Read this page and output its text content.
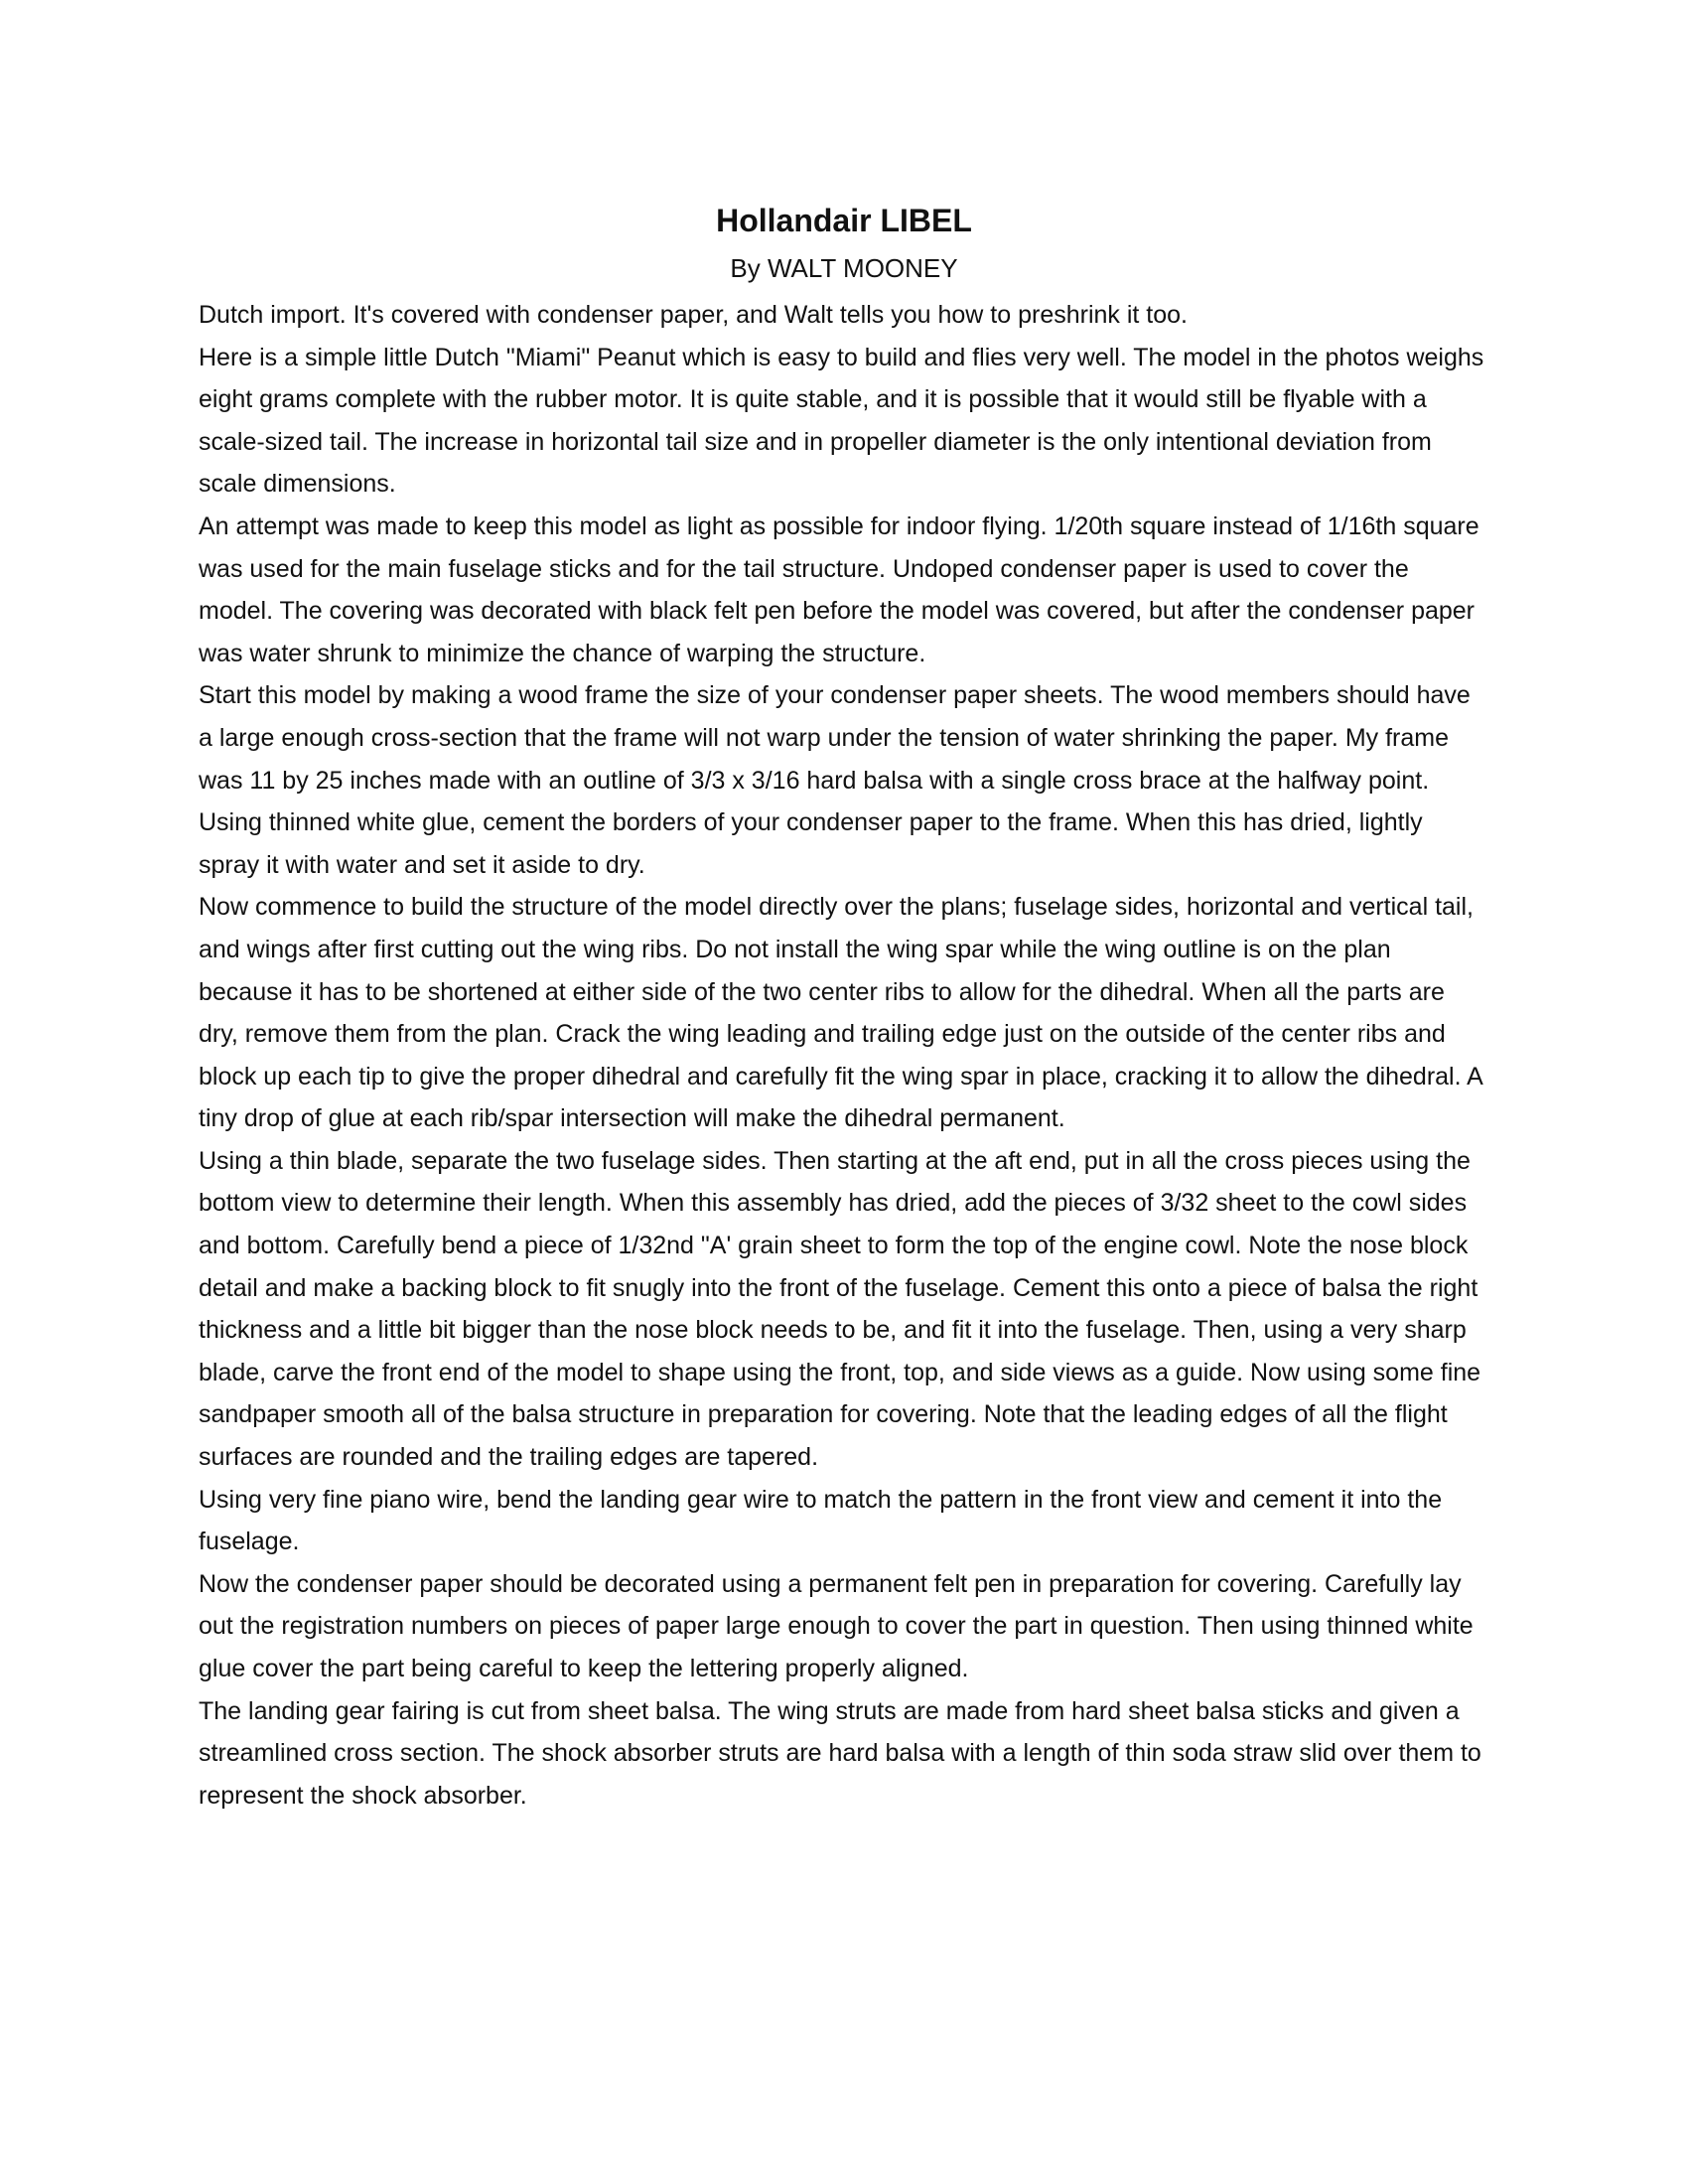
Hollandair LIBEL
By WALT MOONEY

Dutch import. It's covered with condenser paper, and Walt tells you how to preshrink it too.

Here is a simple little Dutch "Miami" Peanut which is easy to build and flies very well. The model in the photos weighs eight grams complete with the rubber motor. It is quite stable, and it is possible that it would still be flyable with a scale-sized tail. The increase in horizontal tail size and in propeller diameter is the only intentional deviation from scale dimensions.

An attempt was made to keep this model as light as possible for indoor flying. 1/20th square instead of 1/16th square was used for the main fuselage sticks and for the tail structure. Undoped condenser paper is used to cover the model. The covering was decorated with black felt pen before the model was covered, but after the condenser paper was water shrunk to minimize the chance of warping the structure.

Start this model by making a wood frame the size of your condenser paper sheets. The wood members should have a large enough cross-section that the frame will not warp under the tension of water shrinking the paper. My frame was 11 by 25 inches made with an outline of 3/3 x 3/16 hard balsa with a single cross brace at the halfway point. Using thinned white glue, cement the borders of your condenser paper to the frame. When this has dried, lightly spray it with water and set it aside to dry.

Now commence to build the structure of the model directly over the plans; fuselage sides, horizontal and vertical tail, and wings after first cutting out the wing ribs. Do not install the wing spar while the wing outline is on the plan because it has to be shortened at either side of the two center ribs to allow for the dihedral. When all the parts are dry, remove them from the plan. Crack the wing leading and trailing edge just on the outside of the center ribs and block up each tip to give the proper dihedral and carefully fit the wing spar in place, cracking it to allow the dihedral. A tiny drop of glue at each rib/spar intersection will make the dihedral permanent.

Using a thin blade, separate the two fuselage sides. Then starting at the aft end, put in all the cross pieces using the bottom view to determine their length. When this assembly has dried, add the pieces of 3/32 sheet to the cowl sides and bottom. Carefully bend a piece of 1/32nd "A' grain sheet to form the top of the engine cowl. Note the nose block detail and make a backing block to fit snugly into the front of the fuselage. Cement this onto a piece of balsa the right thickness and a little bit bigger than the nose block needs to be, and fit it into the fuselage. Then, using a very sharp blade, carve the front end of the model to shape using the front, top, and side views as a guide. Now using some fine sandpaper smooth all of the balsa structure in preparation for covering. Note that the leading edges of all the flight surfaces are rounded and the trailing edges are tapered.

Using very fine piano wire, bend the landing gear wire to match the pattern in the front view and cement it into the fuselage.

Now the condenser paper should be decorated using a permanent felt pen in preparation for covering. Carefully lay out the registration numbers on pieces of paper large enough to cover the part in question. Then using thinned white glue cover the part being careful to keep the lettering properly aligned.

The landing gear fairing is cut from sheet balsa. The wing struts are made from hard sheet balsa sticks and given a streamlined cross section. The shock absorber struts are hard balsa with a length of thin soda straw slid over them to represent the shock absorber.
